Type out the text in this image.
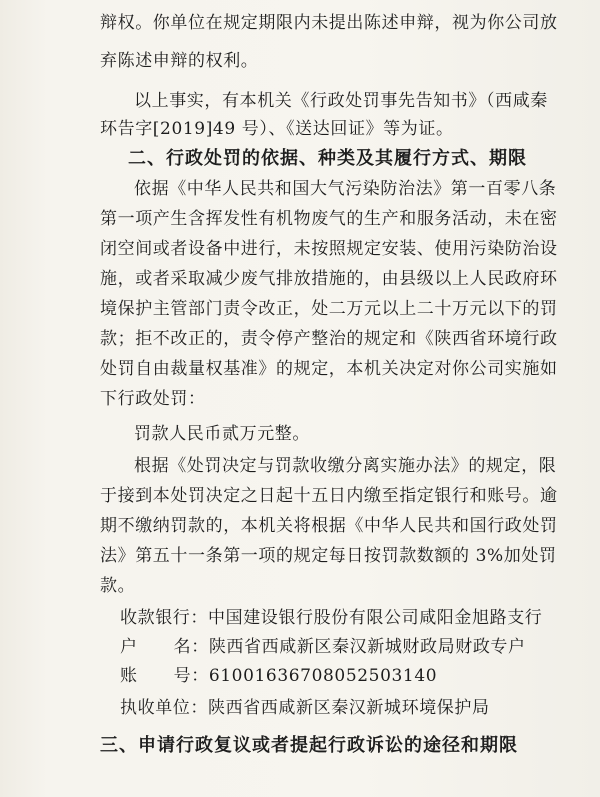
辩权。你单位在规定期限内未提出陈述申辩，视为你公司放
弃陈述申辩的权利。
以上事实，有本机关《行政处罚事先告知书》（西咸秦
环告字[2019]49 号）、《送达回证》等为证。
二、行政处罚的依据、种类及其履行方式、期限
依据《中华人民共和国大气污染防治法》第一百零八条
第一项产生含挥发性有机物废气的生产和服务活动，未在密
闭空间或者设备中进行，未按照规定安装、使用污染防治设
施，或者采取减少废气排放措施的，由县级以上人民政府环
境保护主管部门责令改正，处二万元以上二十万元以下的罚
款；拒不改正的，责令停产整治的规定和《陕西省环境行政
处罚自由裁量权基准》的规定，本机关决定对你公司实施如
下行政处罚：
罚款人民币贰万元整。
根据《处罚决定与罚款收缴分离实施办法》的规定，限
于接到本处罚决定之日起十五日内缴至指定银行和账号。逾
期不缴纳罚款的，本机关将根据《中华人民共和国行政处罚
法》第五十一条第一项的规定每日按罚款数额的 3%加处罚
款。
收款银行：中国建设银行股份有限公司咸阳金旭路支行
户      名：陕西省西咸新区秦汉新城财政局财政专户
账      号：61001636708052503140
执收单位：陕西省西咸新区秦汉新城环境保护局
三、申请行政复议或者提起行政诉讼的途径和期限
